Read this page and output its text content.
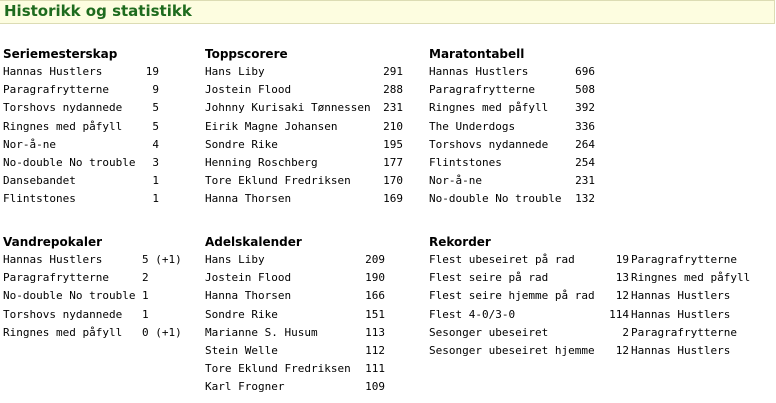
Historikk og statistikk
Seriemesterskap
Hannas Hustlers	19
Paragrafrytterne	9
Torshovs nydannede	5
Ringnes med påfyll	5
Nor-å-ne	4
No-double No trouble	3
Dansebandet	1
Flintstones	1
Toppscorere
Hans Liby	291
Jostein Flood	288
Johnny Kurisaki Tønnessen 231
Eirik Magne Johansen	210
Sondre Rike	195
Henning Roschberg	177
Tore Eklund Fredriksen	170
Hanna Thorsen	169
Maratontabell
Hannas Hustlers	696
Paragrafrytterne	508
Ringnes med påfyll 392
The Underdogs	336
Torshovs nydannede 264
Flintstones	254
Nor-å-ne	231
No-double No trouble 132
Vandrepokaler
Hannas Hustlers	5 (+1)
Paragrafrytterne	2
No-double No trouble 1
Torshovs nydannede 1
Ringnes med påfyll 0 (+1)
Adelskalender
Hans Liby	209
Jostein Flood	190
Hanna Thorsen	166
Sondre Rike	151
Marianne S. Husum	113
Stein Welle	112
Tore Eklund Fredriksen 111
Karl Frogner	109
Rekorder
Flest ubeseiret på rad	19 Paragrafrytterne
Flest seire på rad	13 Ringnes med påfyll
Flest seire hjemme på rad	12 Hannas Hustlers
Flest 4-0/3-0	114 Hannas Hustlers
Sesonger ubeseiret	2 Paragrafrytterne
Sesonger ubeseiret hjemme	12 Hannas Hustlers
